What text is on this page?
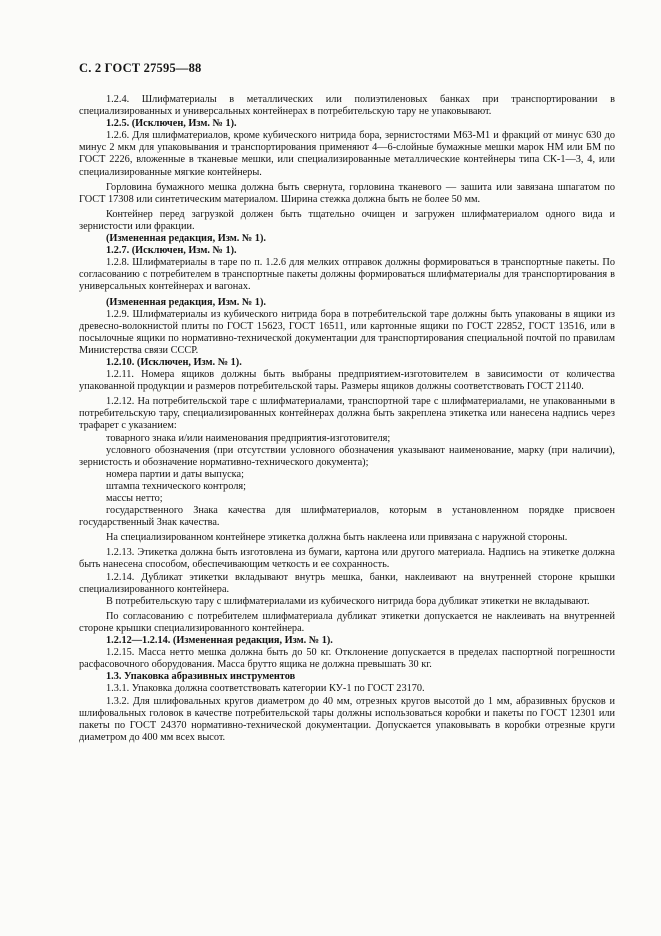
С. 2 ГОСТ 27595—88

1.2.4. Шлифматериалы в металлических или полиэтиленовых банках при транспортировании в специализированных и универсальных контейнерах в потребительскую тару не упаковывают.

1.2.5. (Исключен, Изм. № 1).

1.2.6. Для шлифматериалов, кроме кубического нитрида бора, зернистостями М63-М1 и фракций от минус 630 до минус 2 мкм для упаковывания и транспортирования применяют 4—6-слойные бумажные мешки марок НМ или БМ по ГОСТ 2226, вложенные в тканевые мешки, или специализированные металлические контейнеры типа СК-1—3, 4, или специализированные мягкие контейнеры.

Горловина бумажного мешка должна быть свернута, горловина тканевого — зашита или завязана шпагатом по ГОСТ 17308 или синтетическим материалом. Ширина стежка должна быть не более 50 мм.

Контейнер перед загрузкой должен быть тщательно очищен и загружен шлифматериалом одного вида и зернистости или фракции.

(Измененная редакция, Изм. № 1).

1.2.7. (Исключен, Изм. № 1).

1.2.8. Шлифматериалы в таре по п. 1.2.6 для мелких отправок должны формироваться в транспортные пакеты. По согласованию с потребителем в транспортные пакеты должны формироваться шлифматериалы для транспортирования в универсальных контейнерах и вагонах.

(Измененная редакция, Изм. № 1).

1.2.9. Шлифматериалы из кубического нитрида бора в потребительской таре должны быть упакованы в ящики из древесно-волокнистой плиты по ГОСТ 15623, ГОСТ 16511, или картонные ящики по ГОСТ 22852, ГОСТ 13516, или в посылочные ящики по нормативно-технической документации для транспортирования специальной почтой по правилам Министерства связи СССР.

1.2.10. (Исключен, Изм. № 1).

1.2.11. Номера ящиков должны быть выбраны предприятием-изготовителем в зависимости от количества упакованной продукции и размеров потребительской тары. Размеры ящиков должны соответствовать ГОСТ 21140.

1.2.12. На потребительской таре с шлифматериалами, транспортной таре с шлифматериалами, не упакованными в потребительскую тару, специализированных контейнерах должна быть закреплена этикетка или нанесена надпись через трафарет с указанием:

товарного знака и/или наименования предприятия-изготовителя;

условного обозначения (при отсутствии условного обозначения указывают наименование, марку (при наличии), зернистость и обозначение нормативно-технического документа);

номера партии и даты выпуска;

штампа технического контроля;

массы нетто;

государственного Знака качества для шлифматериалов, которым в установленном порядке присвоен государственный Знак качества.

На специализированном контейнере этикетка должна быть наклеена или привязана с наружной стороны.

1.2.13. Этикетка должна быть изготовлена из бумаги, картона или другого материала. Надпись на этикетке должна быть нанесена способом, обеспечивающим четкость и ее сохранность.

1.2.14. Дубликат этикетки вкладывают внутрь мешка, банки, наклеивают на внутренней стороне крышки специализированного контейнера.

В потребительскую тару с шлифматериалами из кубического нитрида бора дубликат этикетки не вкладывают.

По согласованию с потребителем шлифматериала дубликат этикетки допускается не наклеивать на внутренней стороне крышки специализированного контейнера.

1.2.12—1.2.14. (Измененная редакция, Изм. № 1).

1.2.15. Масса нетто мешка должна быть до 50 кг. Отклонение допускается в пределах паспортной погрешности расфасовочного оборудования. Масса брутто ящика не должна превышать 30 кг.

1.3. Упаковка абразивных инструментов

1.3.1. Упаковка должна соответствовать категории КУ-1 по ГОСТ 23170.

1.3.2. Для шлифовальных кругов диаметром до 40 мм, отрезных кругов высотой до 1 мм, абразивных брусков и шлифовальных головок в качестве потребительской тары должны использоваться коробки и пакеты по ГОСТ 12301 или пакеты по ГОСТ 24370 нормативно-технической документации. Допускается упаковывать в коробки отрезные круги диаметром до 400 мм всех высот.
